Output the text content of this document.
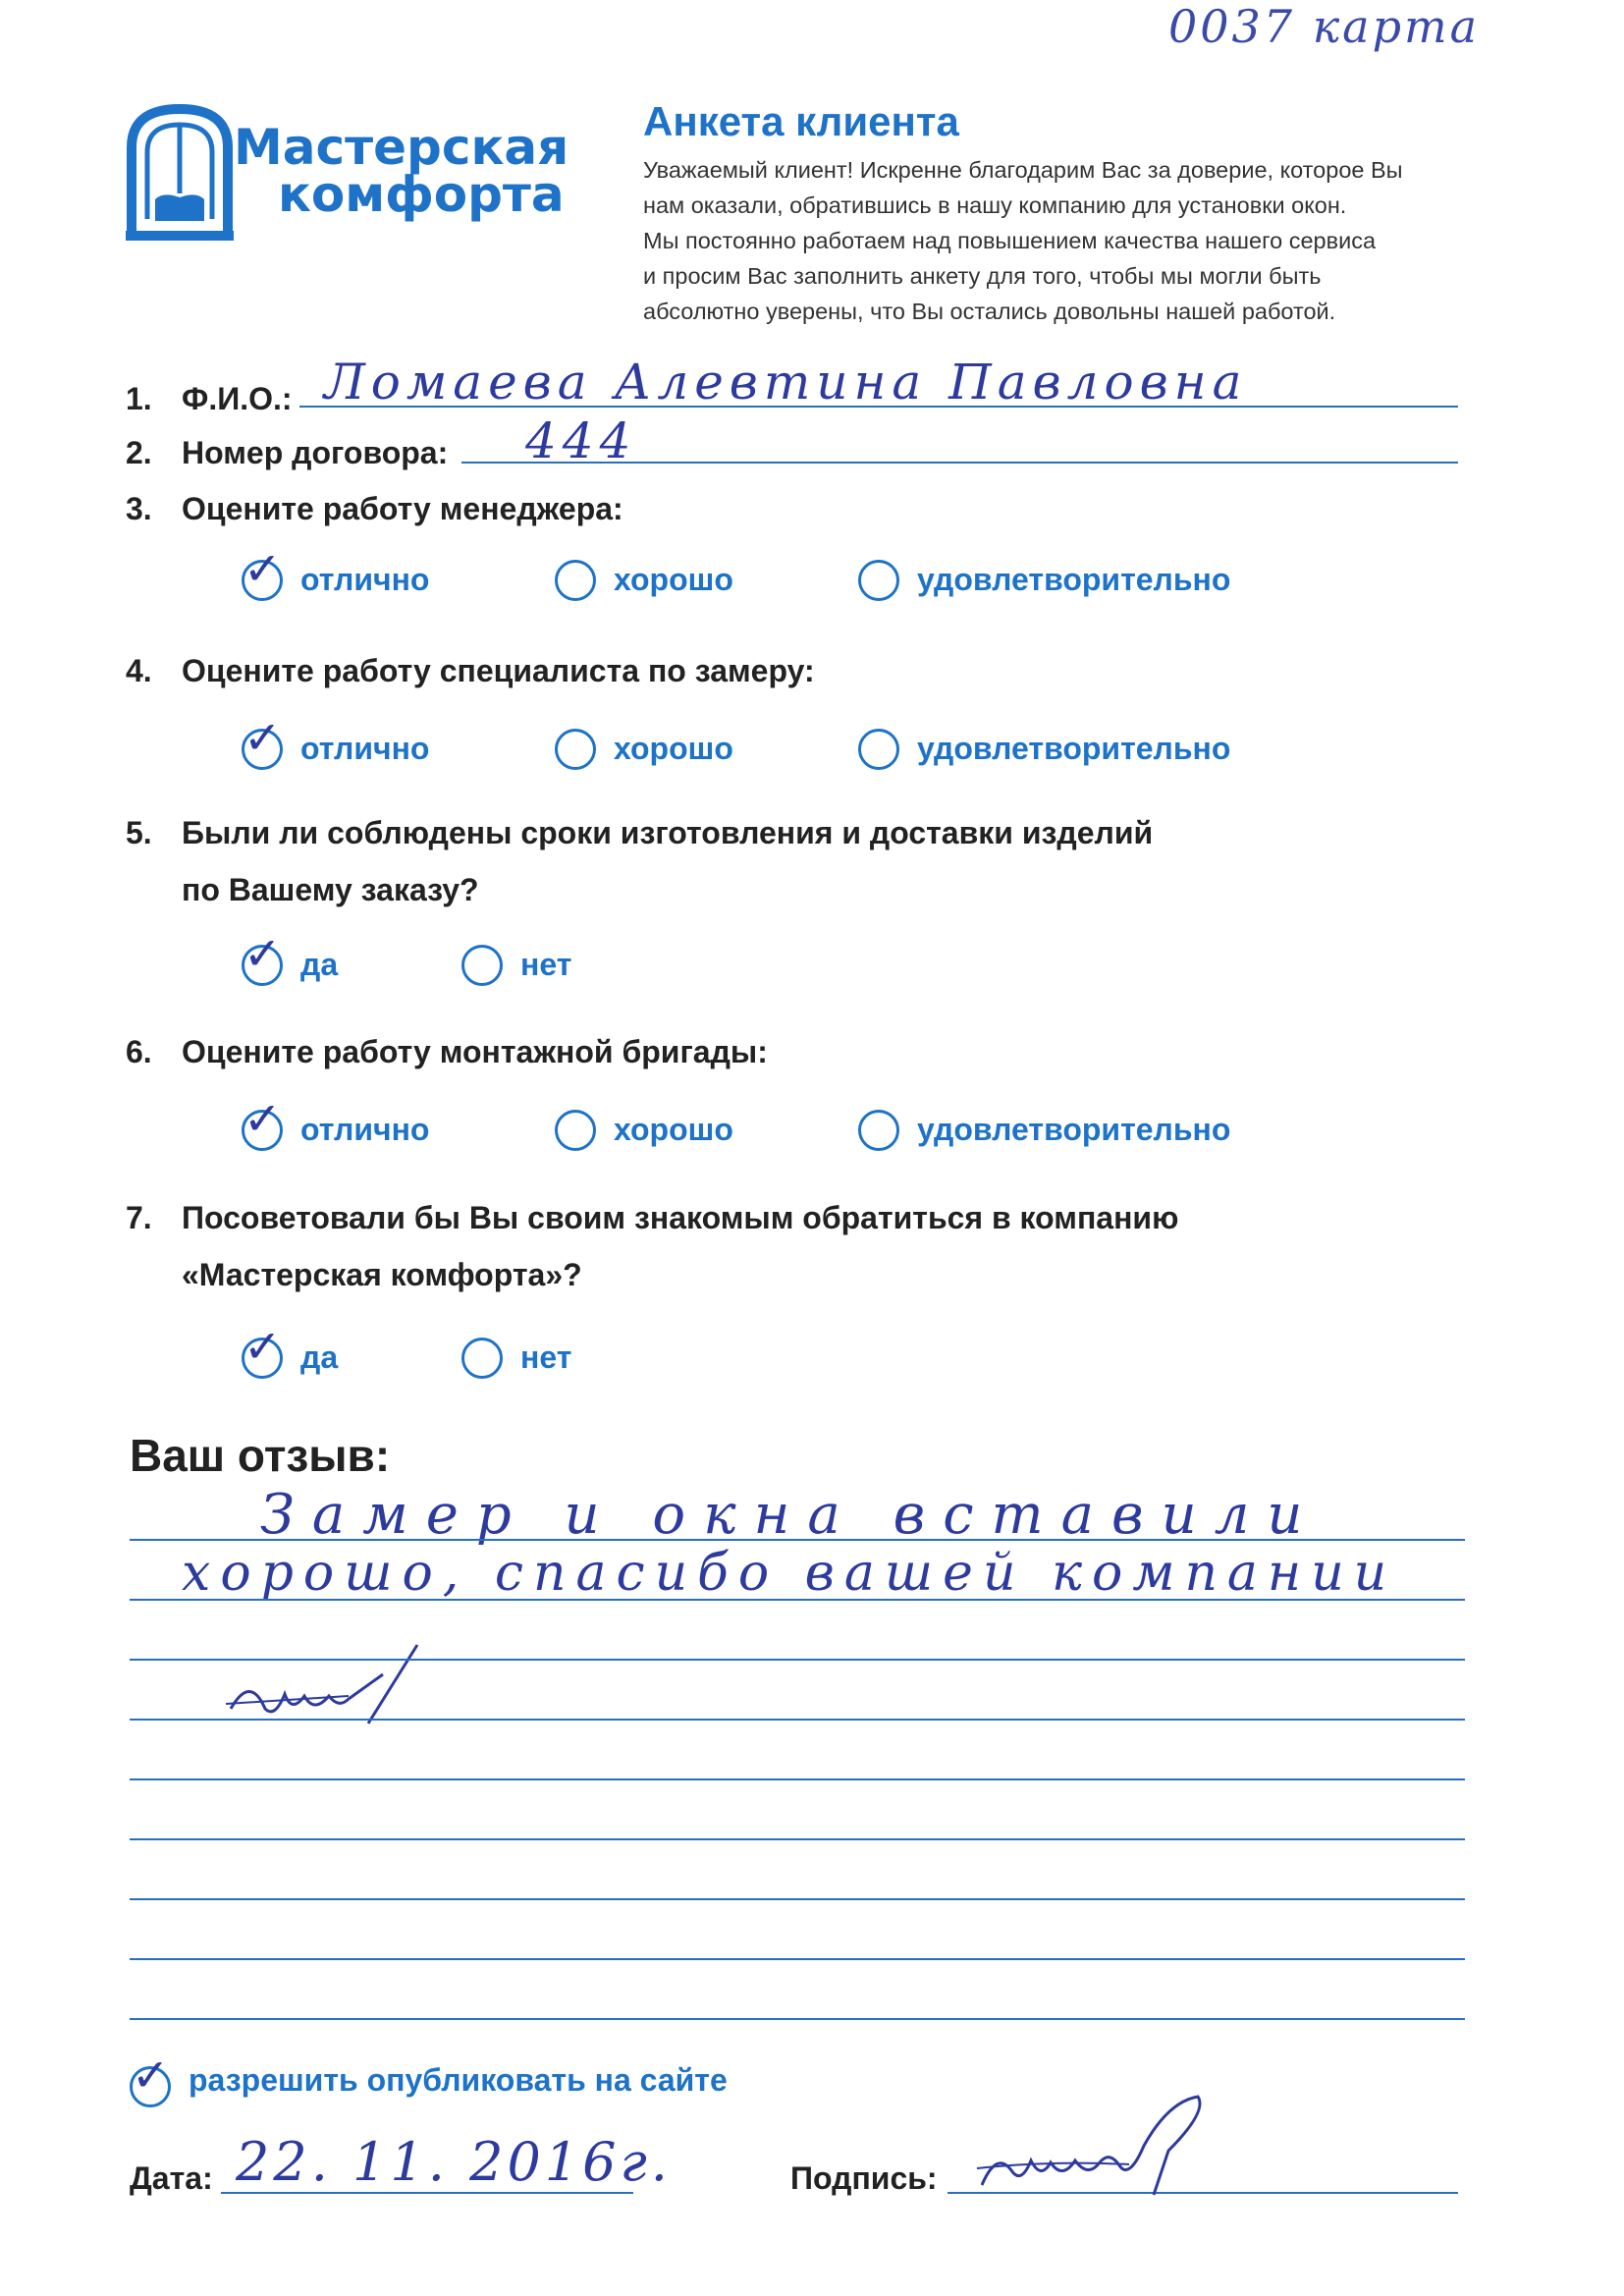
0037 карта
Мастерская
комфорта
Анкета клиента
Уважаемый клиент! Искренне благодарим Вас за доверие, которое Вы
нам оказали, обратившись в нашу компанию для установки окон.
Мы постоянно работаем над повышением качества нашего сервиса
и просим Вас заполнить анкету для того, чтобы мы могли быть
абсолютно уверены, что Вы остались довольны нашей работой.
1. Ф.И.О.: Ломаева Алевтина Павловна
2. Номер договора: 444
3. Оцените работу менеджера:
✓ отлично	хорошо	удовлетворительно
4. Оцените работу специалиста по замеру:
✓ отлично	хорошо	удовлетворительно
5. Были ли соблюдены сроки изготовления и доставки изделий
по Вашему заказу?
✓ да	нет
6. Оцените работу монтажной бригады:
✓ отлично	хорошо	удовлетворительно
7. Посоветовали бы Вы своим знакомым обратиться в компанию
«Мастерская комфорта»?
✓ да	нет
Ваш отзыв:
Замер и окна вставили
хорошо, спасибо вашей компании
✓ разрешить опубликовать на сайте
Дата: 22. 11. 2016г.	Подпись:
